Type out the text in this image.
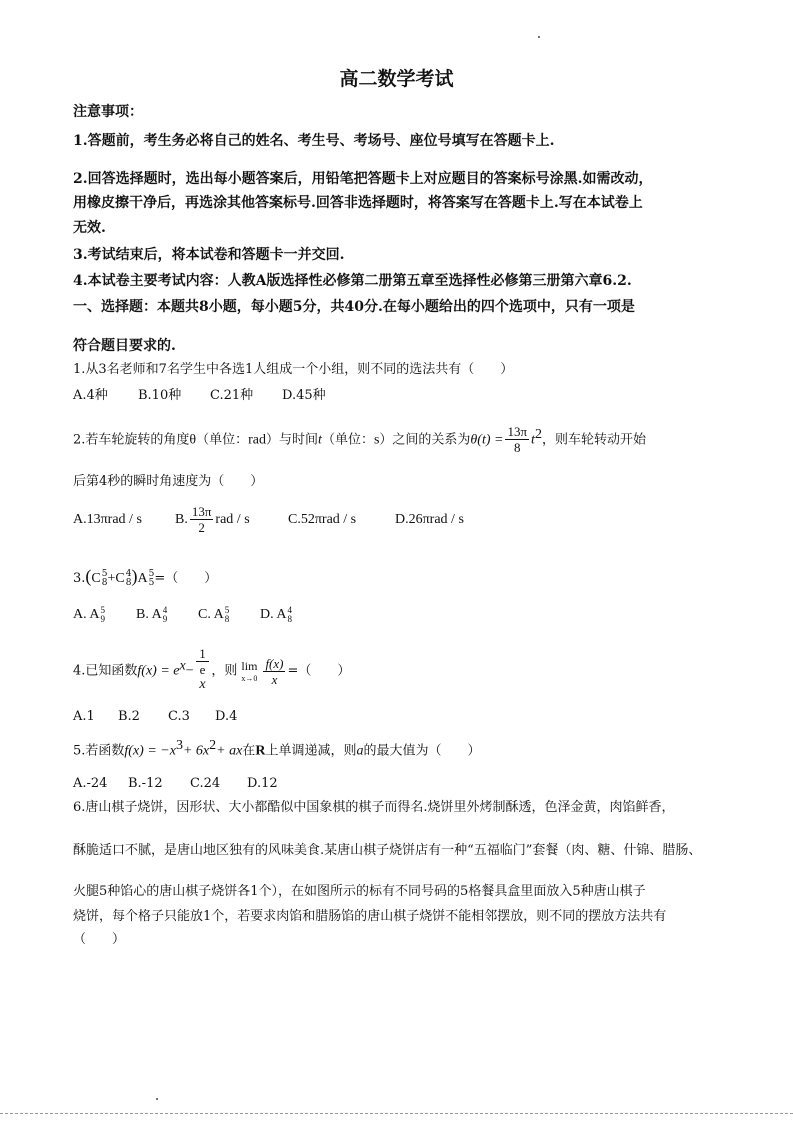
高二数学考试
注意事项：
1.答题前，考生务必将自己的姓名、考生号、考场号、座位号填写在答题卡上.
2.回答选择题时，选出每小题答案后，用铅笔把答题卡上对应题目的答案标号涂黑.如需改动，
用橡皮擦干净后，再选涂其他答案标号.回答非选择题时，将答案写在答题卡上.写在本试卷上
无效.
3.考试结束后，将本试卷和答题卡一并交回.
4.本试卷主要考试内容：人教A版选择性必修第二册第五章至选择性必修第三册第六章6.2.
一、选择题：本题共8小题，每小题5分，共40分.在每小题给出的四个选项中，只有一项是
符合题目要求的.
1.从3名老师和7名学生中各选1人组成一个小组，则不同的选法共有（　　）
A.4种 B.10种 C.21种 D.45种
2.若车轮旋转的角度θ（单位：rad）与时间t（单位：s）之间的关系为$\theta(t) = \frac{13\pi}{8} t^2$，则车轮转动开始
后第4秒的瞬时角速度为（　　）
A.13πrad / s B. $\frac{13\pi}{2}$ rad / s	C.52πrad / s	D.26πrad / s
3.(C 5
8 +C 4
8 )A 5
5 =（　　）
A. A 5
9 B. A 4
9 C. A 5
8 D. A 4
8
4.已知函数$f(x) = e^x- 1$
e
$^x$ ，则 lim
$x\to 0 \frac{f(x)}{x}$ =（　　）
A.1 B.2 C.3 D.4
5.若函数$f(x) = -x^3+ 6x^2+$ ax在R上单调递减，则a的最大值为（　　）
A.-24 B.-12 C.24 D.12
6.唐山棋子烧饼，因形状、大小都酷似中国象棋的棋子而得名.烧饼里外烤制酥透，色泽金黄，肉馅鲜香，
酥脆适口不腻，是唐山地区独有的风味美食.某唐山棋子烧饼店有一种“五福临门”套餐（肉、糖、什锦、腊肠、
火腿5种馅心的唐山棋子烧饼各1个），在如图所示的标有不同号码的5格餐具盒里面放入5种唐山棋子
烧饼，每个格子只能放1个，若要求肉馅和腊肠馅的唐山棋子烧饼不能相邻摆放，则不同的摆放方法共有
（　　）
